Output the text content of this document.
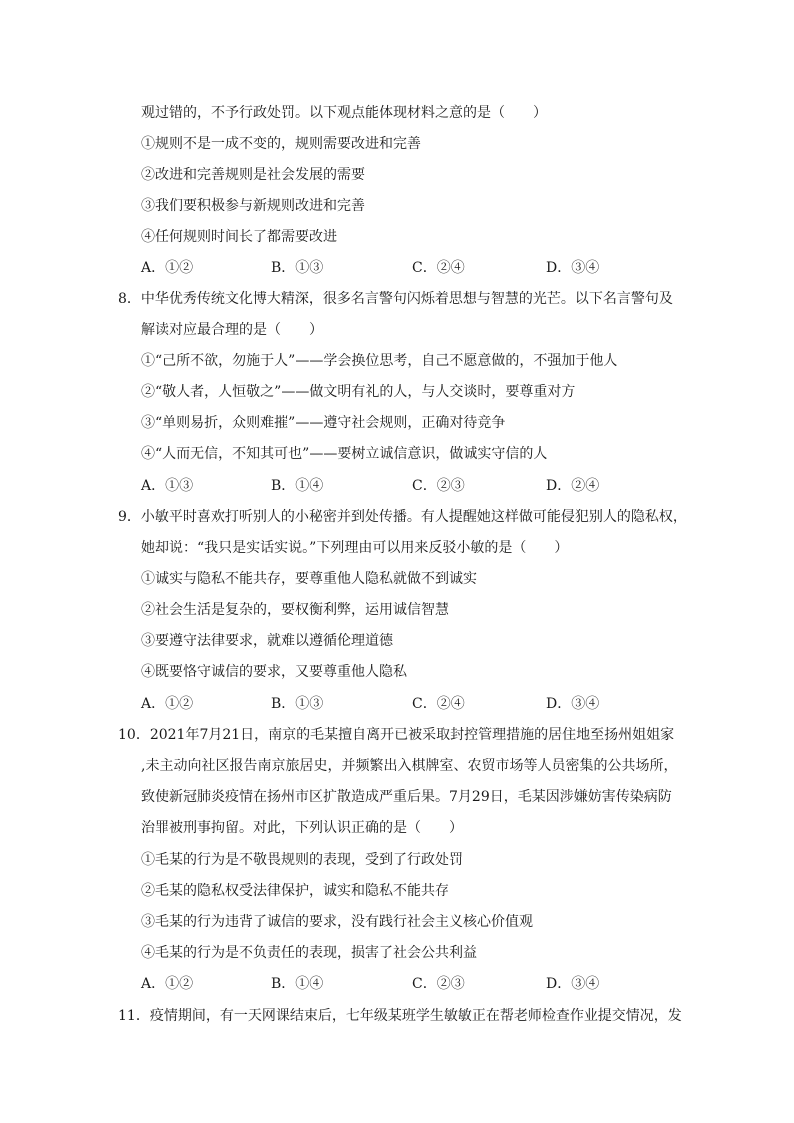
观过错的，不予行政处罚。以下观点能体现材料之意的是（　　）
①规则不是一成不变的，规则需要改进和完善
②改进和完善规则是社会发展的需要
③我们要积极参与新规则改进和完善
④任何规则时间长了都需要改进
A．①②	B．①③	C．②④	D．③④
8．中华优秀传统文化博大精深，很多名言警句闪烁着思想与智慧的光芒。以下名言警句及
解读对应最合理的是（　　）
①“己所不欲，勿施于人”——学会换位思考，自己不愿意做的，不强加于他人
②“敬人者，人恒敬之”——做文明有礼的人，与人交谈时，要尊重对方
③“单则易折，众则难摧”——遵守社会规则，正确对待竞争
④“人而无信，不知其可也”——要树立诚信意识，做诚实守信的人
A．①③	B．①④	C．②③	D．②④
9．小敏平时喜欢打听别人的小秘密并到处传播。有人提醒她这样做可能侵犯别人的隐私权，
她却说：“我只是实话实说。”下列理由可以用来反驳小敏的是（　　）
①诚实与隐私不能共存，要尊重他人隐私就做不到诚实
②社会生活是复杂的，要权衡利弊，运用诚信智慧
③要遵守法律要求，就难以遵循伦理道德
④既要恪守诚信的要求，又要尊重他人隐私
A．①②	B．①③	C．②④	D．③④
10．2021年7月21日，南京的毛某擅自离开已被采取封控管理措施的居住地至扬州姐姐家
,未主动向社区报告南京旅居史，并频繁出入棋牌室、农贸市场等人员密集的公共场所，
致使新冠肺炎疫情在扬州市区扩散造成严重后果。7月29日，毛某因涉嫌妨害传染病防
治罪被刑事拘留。对此，下列认识正确的是（　　）
①毛某的行为是不敬畏规则的表现，受到了行政处罚
②毛某的隐私权受法律保护，诚实和隐私不能共存
③毛某的行为违背了诚信的要求，没有践行社会主义核心价值观
④毛某的行为是不负责任的表现，损害了社会公共利益
A．①②	B．①④	C．②③	D．③④
11．疫情期间，有一天网课结束后，七年级某班学生敏敏正在帮老师检查作业提交情况，发
